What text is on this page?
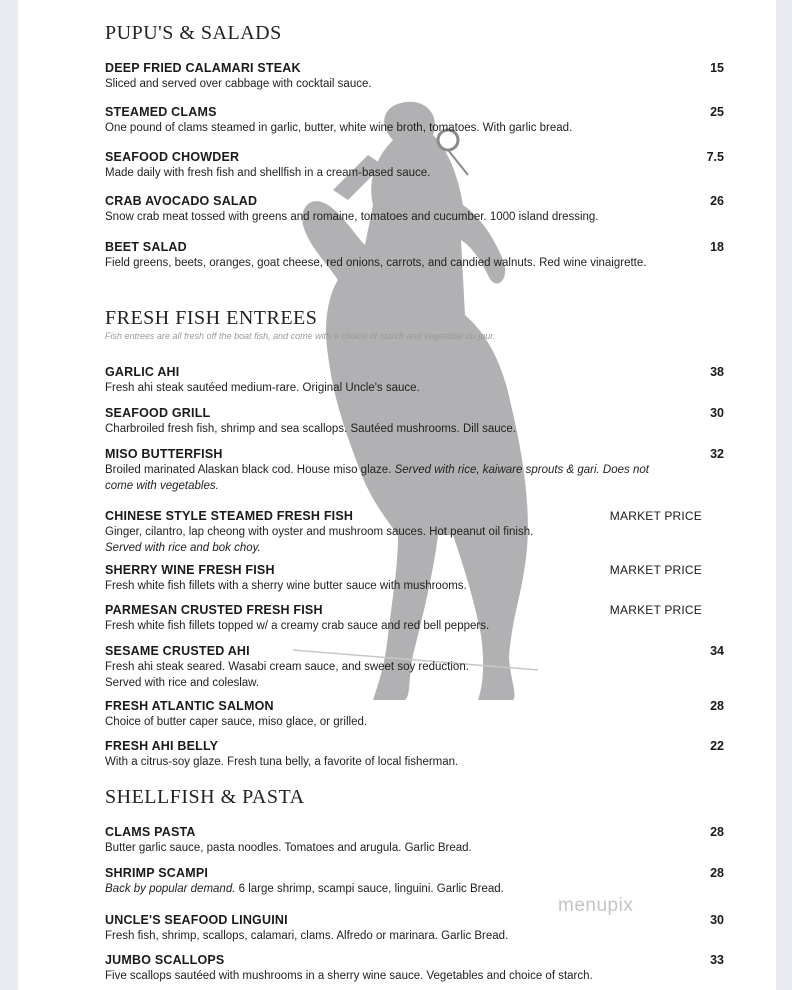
PUPU'S & SALADS
DEEP FRIED CALAMARI STEAK
Sliced and served over cabbage with cocktail sauce.
15
STEAMED CLAMS
One pound of clams steamed in garlic, butter, white wine broth, tomatoes. With garlic bread.
25
SEAFOOD CHOWDER
Made daily with fresh fish and shellfish in a cream-based sauce.
7.5
CRAB AVOCADO SALAD
Snow crab meat tossed with greens and romaine, tomatoes and cucumber. 1000 island dressing.
26
BEET SALAD
Field greens, beets, oranges, goat cheese, red onions, carrots, and candied walnuts. Red wine vinaigrette.
18
FRESH FISH ENTREES
Fish entrees are all fresh off the boat fish, and come with a choice of starch and vegetable du jour.
GARLIC AHI
Fresh ahi steak sautéed medium-rare. Original Uncle's sauce.
38
SEAFOOD GRILL
Charbroiled fresh fish, shrimp and sea scallops. Sautéed mushrooms. Dill sauce.
30
MISO BUTTERFISH
Broiled marinated Alaskan black cod. House miso glaze. Served with rice, kaiware sprouts & gari. Does not come with vegetables.
32
CHINESE STYLE STEAMED FRESH FISH
Ginger, cilantro, lap cheong with oyster and mushroom sauces. Hot peanut oil finish.
Served with rice and bok choy.
MARKET PRICE
SHERRY WINE FRESH FISH
Fresh white fish fillets with a sherry wine butter sauce with mushrooms.
MARKET PRICE
PARMESAN CRUSTED FRESH FISH
Fresh white fish fillets topped w/ a creamy crab sauce and red bell peppers.
MARKET PRICE
SESAME CRUSTED AHI
Fresh ahi steak seared. Wasabi cream sauce, and sweet soy reduction.
Served with rice and coleslaw.
34
FRESH ATLANTIC SALMON
Choice of butter caper sauce, miso glace, or grilled.
28
FRESH AHI BELLY
With a citrus-soy glaze. Fresh tuna belly, a favorite of local fisherman.
22
SHELLFISH & PASTA
CLAMS PASTA
Butter garlic sauce, pasta noodles. Tomatoes and arugula. Garlic Bread.
28
SHRIMP SCAMPI
Back by popular demand. 6 large shrimp, scampi sauce, linguini. Garlic Bread.
28
UNCLE'S SEAFOOD LINGUINI
Fresh fish, shrimp, scallops, calamari, clams. Alfredo or marinara. Garlic Bread.
30
JUMBO SCALLOPS
Five scallops sautéed with mushrooms in a sherry wine sauce. Vegetables and choice of starch.
33
menupix
